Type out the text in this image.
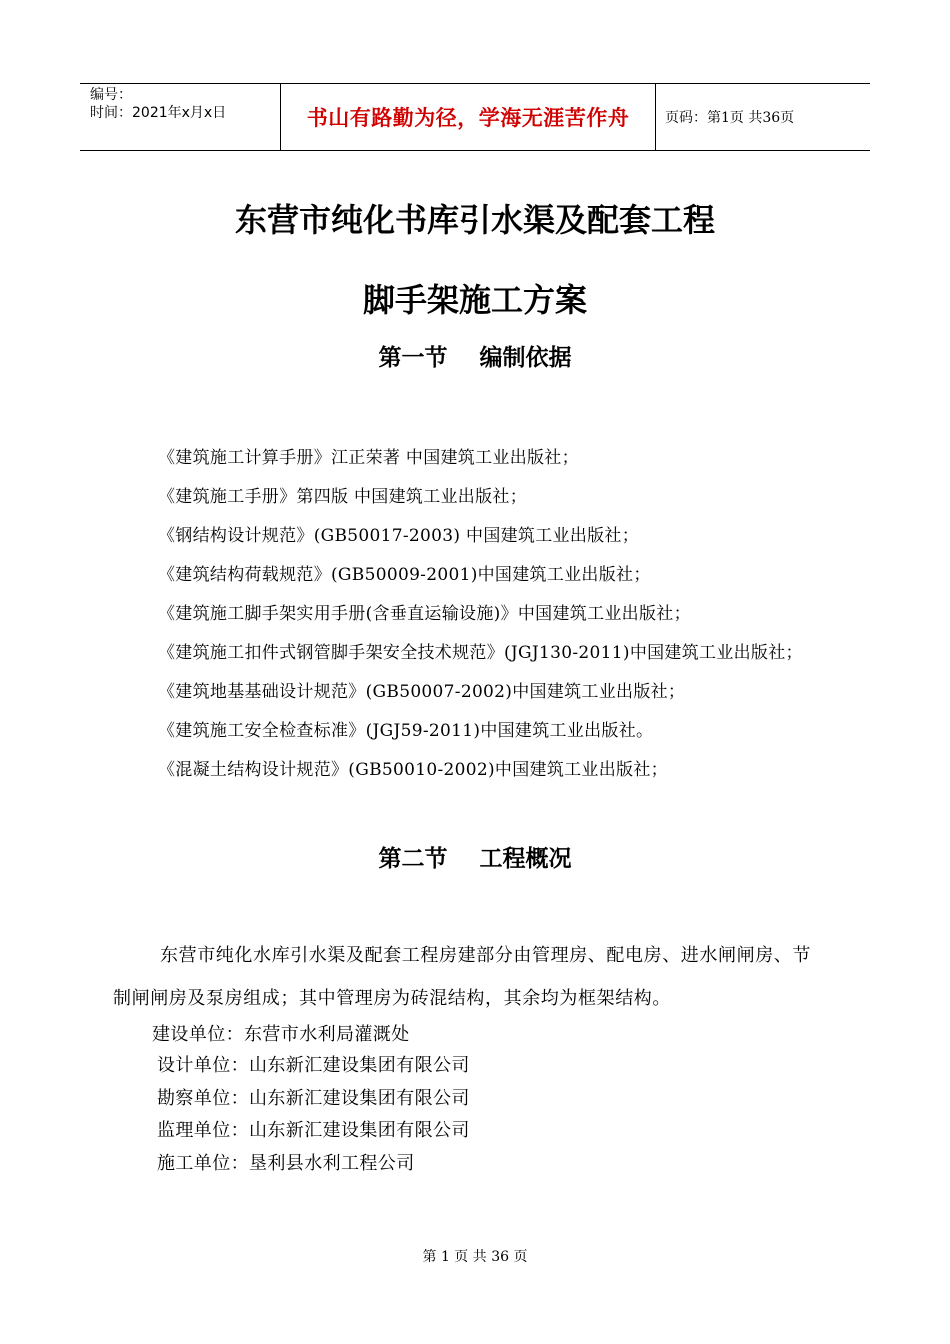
编号：
时间：2021年x月x日	书山有路勤为径，学海无涯苦作舟	页码：第1页 共36页
东营市纯化书库引水渠及配套工程
脚手架施工方案
第一节    编制依据
《建筑施工计算手册》江正荣著 中国建筑工业出版社；
《建筑施工手册》第四版 中国建筑工业出版社；
《钢结构设计规范》(GB50017-2003) 中国建筑工业出版社；
《建筑结构荷载规范》(GB50009-2001)中国建筑工业出版社；
《建筑施工脚手架实用手册(含垂直运输设施)》中国建筑工业出版社；
《建筑施工扣件式钢管脚手架安全技术规范》(JGJ130-2011)中国建筑工业出版社；
《建筑地基基础设计规范》(GB50007-2002)中国建筑工业出版社；
《建筑施工安全检查标准》(JGJ59-2011)中国建筑工业出版社。
《混凝土结构设计规范》(GB50010-2002)中国建筑工业出版社；
第二节    工程概况
东营市纯化水库引水渠及配套工程房建部分由管理房、配电房、进水闸闸房、节
制闸闸房及泵房组成；其中管理房为砖混结构，其余均为框架结构。
建设单位：东营市水利局灌溉处
设计单位：山东新汇建设集团有限公司
勘察单位：山东新汇建设集团有限公司
监理单位：山东新汇建设集团有限公司
施工单位：垦利县水利工程公司
第 1 页 共 36 页
